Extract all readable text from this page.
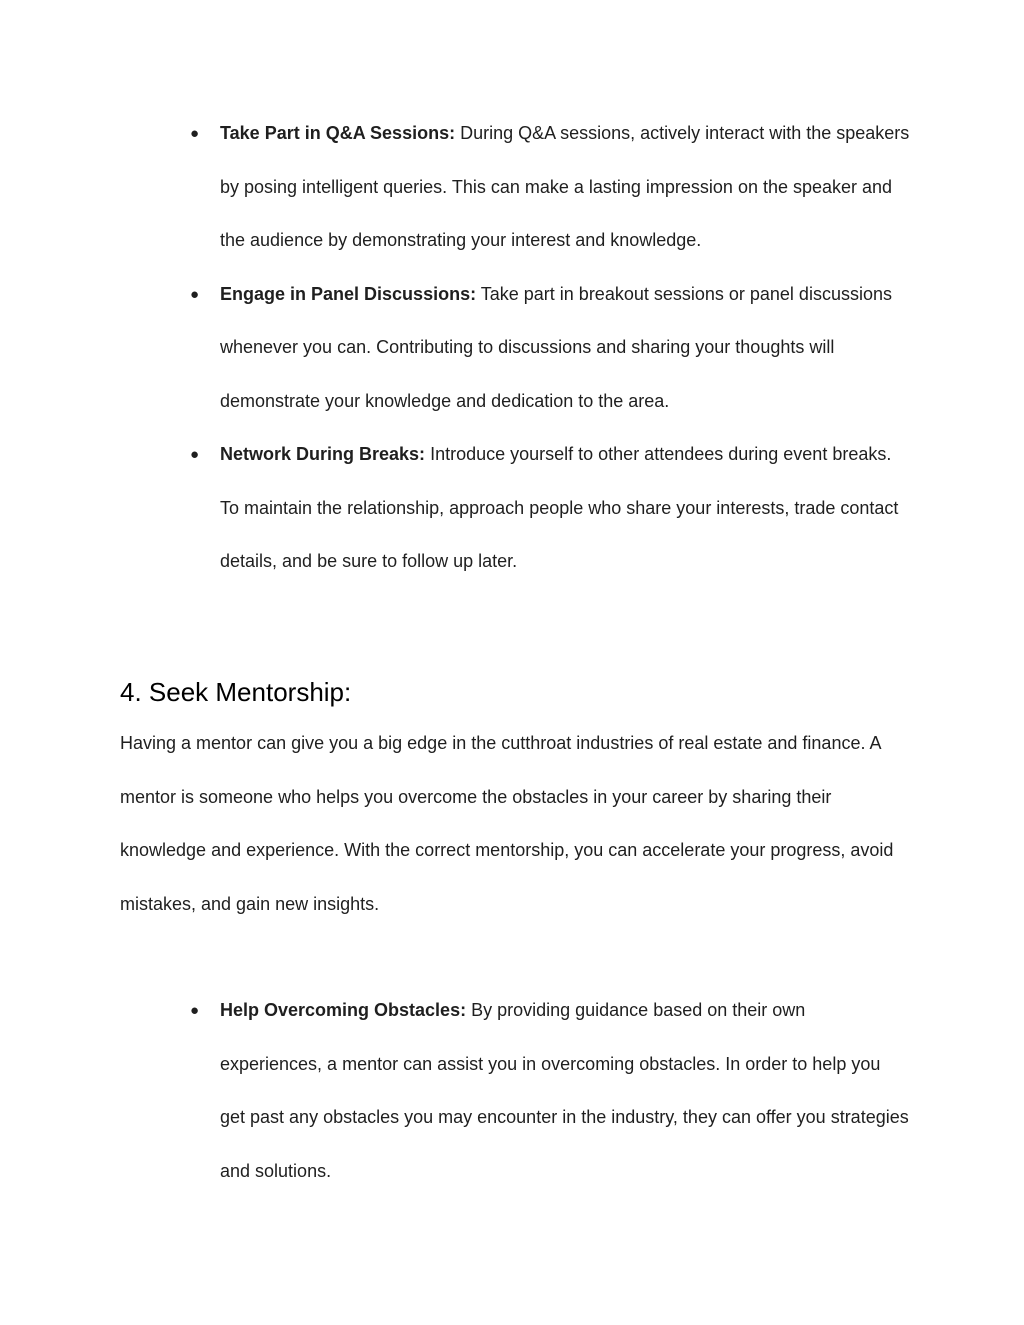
● Take Part in Q&A Sessions: During Q&A sessions, actively interact with the speakers by posing intelligent queries. This can make a lasting impression on the speaker and the audience by demonstrating your interest and knowledge.
● Engage in Panel Discussions: Take part in breakout sessions or panel discussions whenever you can. Contributing to discussions and sharing your thoughts will demonstrate your knowledge and dedication to the area.
● Network During Breaks: Introduce yourself to other attendees during event breaks. To maintain the relationship, approach people who share your interests, trade contact details, and be sure to follow up later.
4. Seek Mentorship:

Having a mentor can give you a big edge in the cutthroat industries of real estate and finance. A mentor is someone who helps you overcome the obstacles in your career by sharing their knowledge and experience. With the correct mentorship, you can accelerate your progress, avoid mistakes, and gain new insights.

● Help Overcoming Obstacles: By providing guidance based on their own experiences, a mentor can assist you in overcoming obstacles. In order to help you get past any obstacles you may encounter in the industry, they can offer you strategies and solutions.
